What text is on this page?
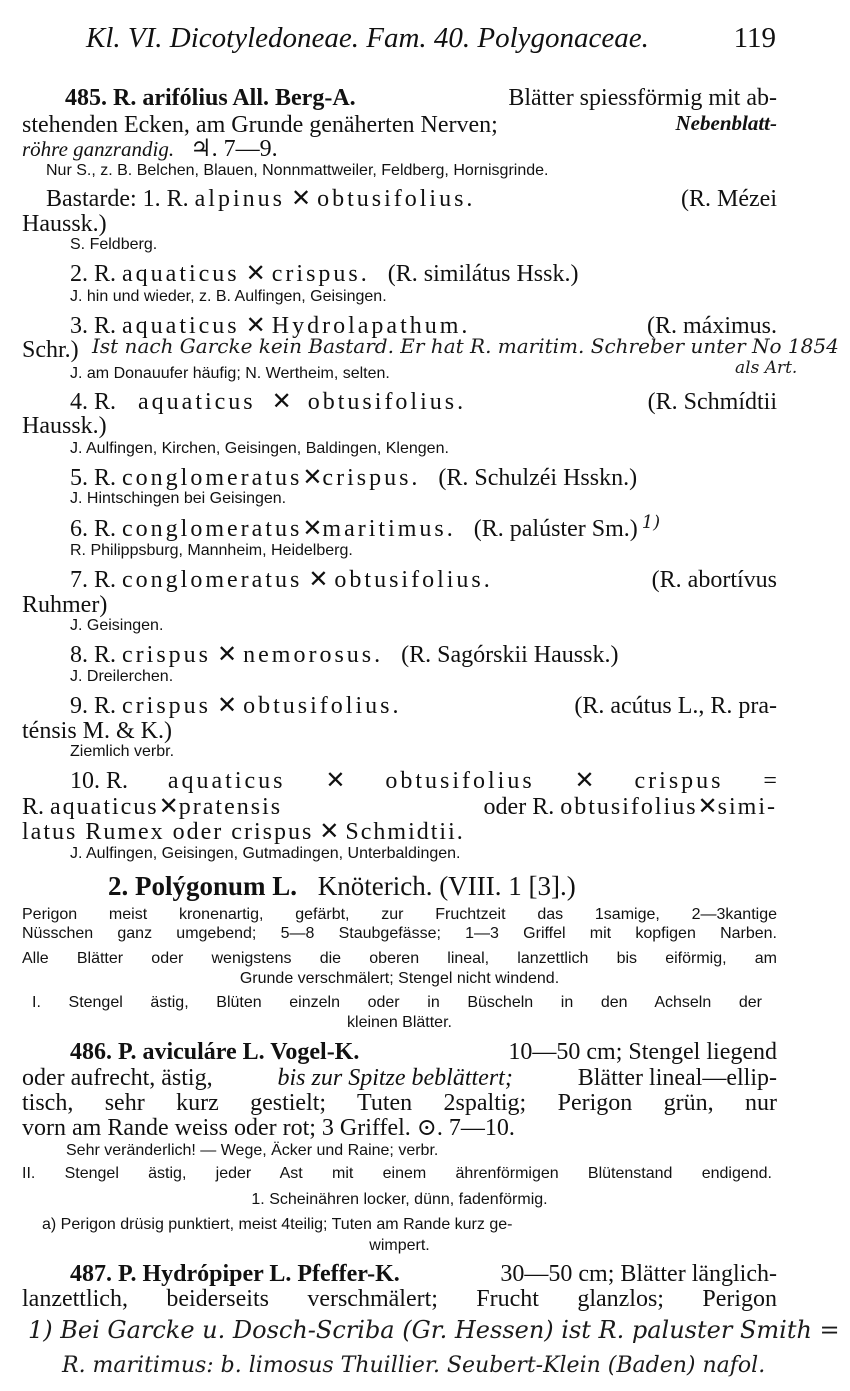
Kl. VI. Dicotyledoneae. Fam. 40. Polygonaceae.	119
485. R. arifólius All. Berg-A.	Blätter spiessförmig mit ab-
stehenden Ecken, am Grunde genäherten Nerven;	Nebenblatt-
röhre ganzrandig. ♃. 7—9.
Nur S., z. B. Belchen, Blauen, Nonnmattweiler, Feldberg, Hornisgrinde.
Bastarde: 1. R. alpinus ✕ obtusifolius.	(R. Mézei
Haussk.)
S. Feldberg.
2. R. aquaticus ✕ crispus. (R. similátus Hssk.)
J. hin und wieder, z. B. Aulfingen, Geisingen.
3. R. aquaticus ✕ Hydrolapathum.	(R. máximus.
Schr.) Ist nach Garcke kein Bastard. Er hat R. maritim. Schreber unter No 1854
als Art.
J. am Donauufer häufig; N. Wertheim, selten.
4. R. aquaticus ✕ obtusifolius.	(R. Schmídtii
Haussk.)
J. Aulfingen, Kirchen, Geisingen, Baldingen, Klengen.
5. R. conglomeratus✕crispus. (R. Schulzéi Hsskn.)
J. Hintschingen bei Geisingen.
6. R. conglomeratus✕maritimus. (R. palúster Sm.) $^{1)}$
R. Philippsburg, Mannheim, Heidelberg.
7. R. conglomeratus ✕ obtusifolius.	(R. abortívus
Ruhmer)
J. Geisingen.
8. R. crispus ✕ nemorosus. (R. Sagórskii Haussk.)
J. Dreilerchen.
9. R. crispus ✕ obtusifolius.	(R. acútus L., R. pra-
ténsis M. & K.)
Ziemlich verbr.
10. R. aquaticus ✕ obtusifolius ✕ crispus =
R. aquaticus✕pratensis	oder R. obtusifolius✕simi-
latus Rumex oder crispus ✕ Schmidtii.
J. Aulfingen, Geisingen, Gutmadingen, Unterbaldingen.
2. Polýgonum L. Knöterich. (VIII. 1 [3].)
Perigon meist kronenartig, gefärbt, zur Fruchtzeit das 1samige, 2—3kantige
Nüsschen ganz umgebend; 5—8 Staubgefässe; 1—3 Griffel mit kopfigen Narben.
Alle Blätter oder wenigstens die oberen lineal, lanzettlich bis eiförmig, am
Grunde verschmälert; Stengel nicht windend.
I. Stengel ästig, Blüten einzeln oder in Büscheln in den Achseln der
kleinen Blätter.
486. P. aviculáre L. Vogel-K.	10—50 cm; Stengel liegend
oder aufrecht, ästig,	bis zur Spitze beblättert;	Blätter lineal—ellip-
tisch, sehr kurz gestielt; Tuten 2spaltig; Perigon grün, nur
vorn am Rande weiss oder rot; 3 Griffel. ⊙. 7—10.
Sehr veränderlich! — Wege, Äcker und Raine; verbr.
II. Stengel ästig, jeder Ast mit einem ährenförmigen Blütenstand endigend.
1. Scheinähren locker, dünn, fadenförmig.
a) Perigon drüsig punktiert, meist 4teilig; Tuten am Rande kurz ge-
wimpert.
487. P. Hydrópiper L. Pfeffer-K.	30—50 cm; Blätter länglich-
lanzettlich, beiderseits verschmälert; Frucht glanzlos; Perigon
1) Bei Garcke u. Dosch-Scriba (Gr. Hessen) ist R. paluster Smith =
R. maritimus: b. limosus Thuillier. Seubert-Klein (Baden) nafol.
